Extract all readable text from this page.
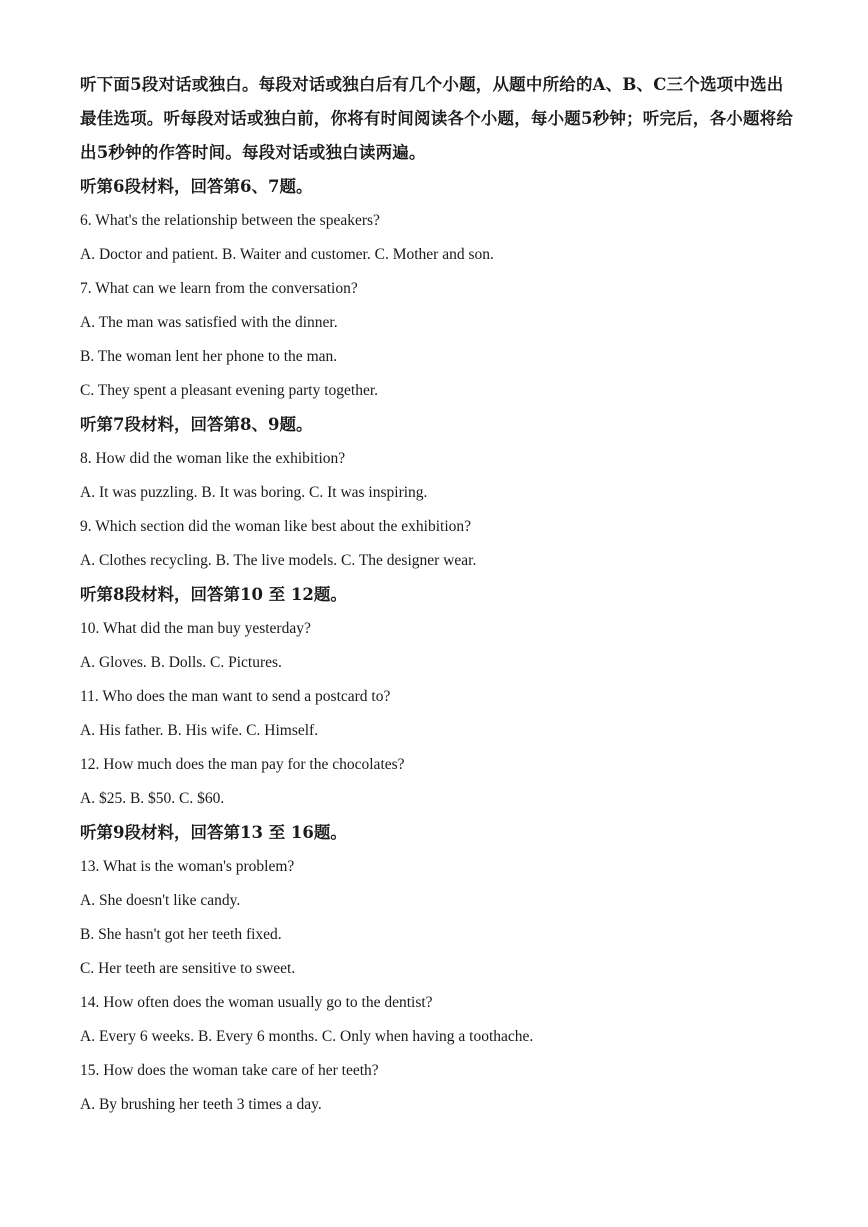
听下面5段对话或独白。每段对话或独白后有几个小题，从题中所给的A、B、C三个选项中选出最佳选项。听每段对话或独白前，你将有时间阅读各个小题，每小题5秒钟；听完后，各小题将给出5秒钟的作答时间。每段对话或独白读两遍。

听第6段材料，回答第6、7题。

6. What's the relationship between the speakers?

A. Doctor and patient. B. Waiter and customer. C. Mother and son.

7. What can we learn from the conversation?

A. The man was satisfied with the dinner.

B. The woman lent her phone to the man.

C. They spent a pleasant evening party together.

听第7段材料，回答第8、9题。

8. How did the woman like the exhibition?

A. It was puzzling. B. It was boring. C. It was inspiring.

9. Which section did the woman like best about the exhibition?

A. Clothes recycling. B. The live models. C. The designer wear.

听第8段材料，回答第10 至 12题。

10. What did the man buy yesterday?

A. Gloves. B. Dolls. C. Pictures.

11. Who does the man want to send a postcard to?

A. His father. B. His wife. C. Himself.

12. How much does the man pay for the chocolates?

A. $25. B. $50. C. $60.

听第9段材料，回答第13 至 16题。

13. What is the woman's problem?

A. She doesn't like candy.

B. She hasn't got her teeth fixed.

C. Her teeth are sensitive to sweet.

14. How often does the woman usually go to the dentist?

A. Every 6 weeks. B. Every 6 months. C. Only when having a toothache.

15. How does the woman take care of her teeth?

A. By brushing her teeth 3 times a day.
